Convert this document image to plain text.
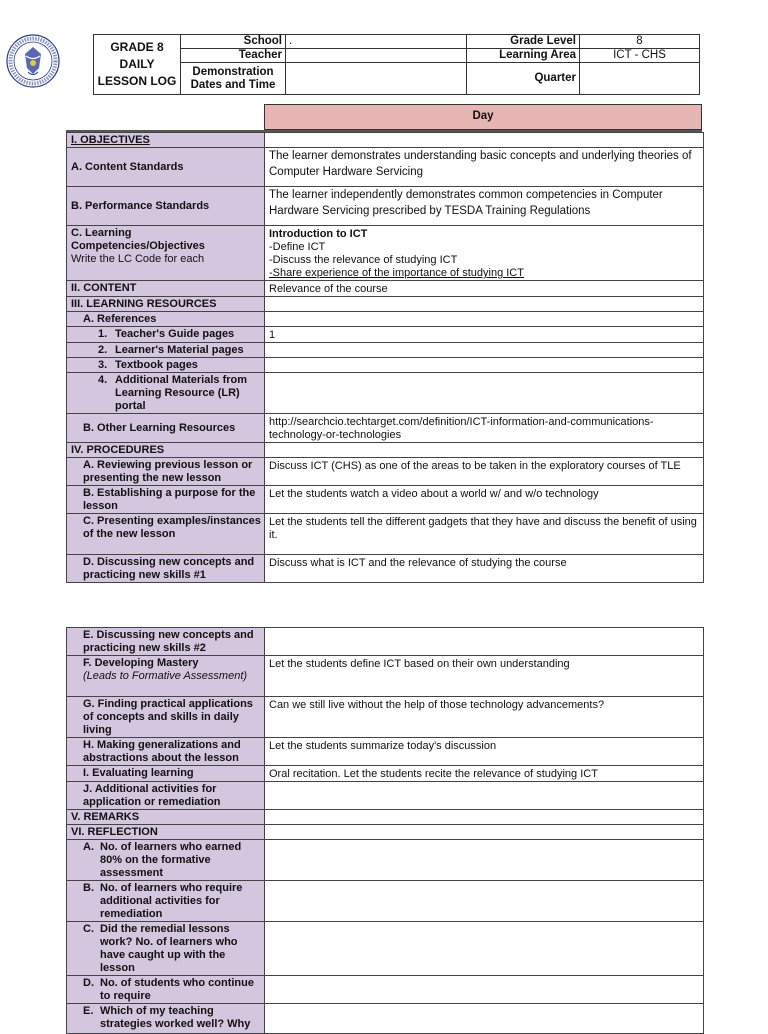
GRADE 8
DAILY
LESSON LOG	School	.	Grade Level	8
	Teacher		Learning Area	ICT - CHS

	Demonstration
Dates and Time		Quarter	
Day
I. OBJECTIVES	
A. Content Standards	The learner demonstrates understanding basic concepts and underlying theories of Computer Hardware Servicing
B. Performance Standards	The learner independently demonstrates common competencies in Computer Hardware Servicing prescribed by TESDA Training Regulations

C. Learning
Competencies/Objectives
Write the LC Code for each	Introduction to ICT
-Define ICT
-Discuss the relevance of studying ICT
-Share experience of the importance of studying ICT

II. CONTENT	Relevance of the course
III. LEARNING RESOURCES	
A. References	

1. Teacher's Guide pages	1

2. Learner's Material pages	

3. Textbook pages	

4. Additional Materials from Learning Resource (LR) portal	

B. Other Learning Resources	http://searchcio.techtarget.com/definition/ICT-information-and-communications-technology-or-technologies
IV. PROCEDURES	
A. Reviewing previous lesson or presenting the new lesson	Discuss ICT (CHS) as one of the areas to be taken in the exploratory courses of TLE
B. Establishing a purpose for the lesson	Let the students watch a video about a world w/ and w/o technology
C. Presenting examples/instances of the new lesson	Let the students tell the different gadgets that they have and discuss the benefit of using it.
D. Discussing new concepts and practicing new skills #1	Discuss what is ICT and the relevance of studying the course
E. Discussing new concepts and practicing new skills #2	

F. Developing Mastery
(Leads to Formative Assessment)	Let the students define ICT based on their own understanding
G. Finding practical applications of concepts and skills in daily living	Can we still live without the help of those technology advancements?
H. Making generalizations and abstractions about the lesson	Let the students summarize today's discussion
I. Evaluating learning	Oral recitation. Let the students recite the relevance of studying ICT
J. Additional activities for application or remediation	
V. REMARKS	
VI. REFLECTION	

A. No. of learners who earned 80% on the formative assessment	

B. No. of learners who require additional activities for remediation	

C. Did the remedial lessons work? No. of learners who have caught up with the lesson	

D. No. of students who continue to require	

E. Which of my teaching strategies worked well? Why	
